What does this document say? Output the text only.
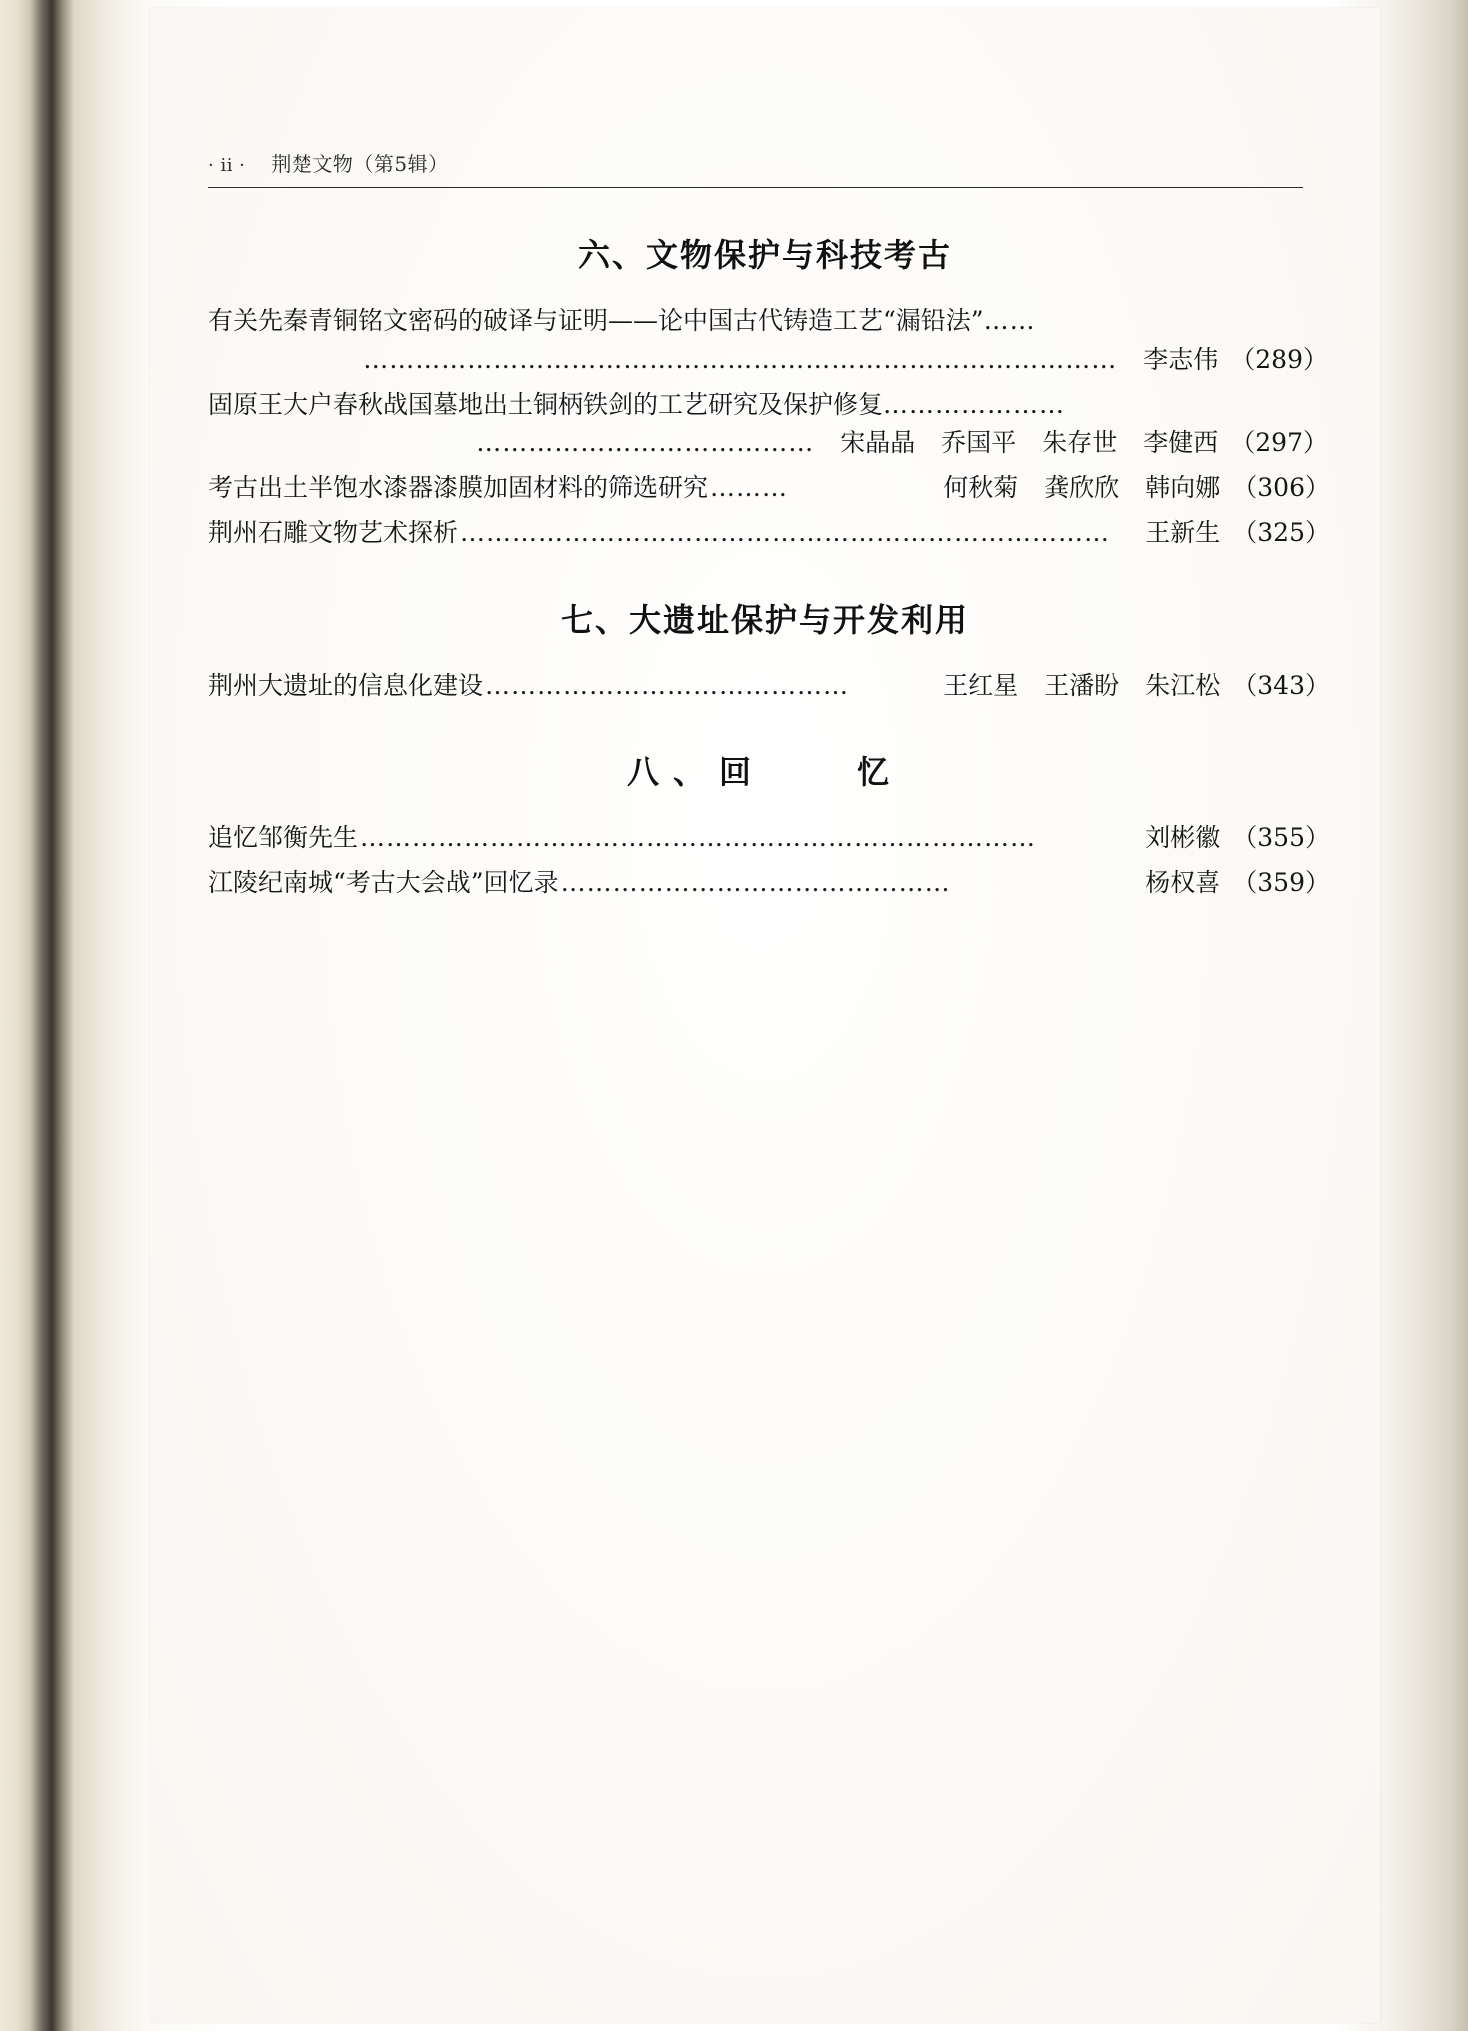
· ii · 荆楚文物（第5辑）
六、文物保护与科技考古
有关先秦青铜铭文密码的破译与证明——论中国古代铸造工艺“漏铅法”……
…………………………………………………………………………… 李志伟 （289）
固原王大户春秋战国墓地出土铜柄铁剑的工艺研究及保护修复…………………
………………………………… 宋晶晶 乔国平 朱存世 李健西 （297）
考古出土半饱水漆器漆膜加固材料的筛选研究 ………	何秋菊 龚欣欣 韩向娜 （306）
荆州石雕文物艺术探析 …………………………………………………………………	王新生 （325）
七、大遗址保护与开发利用
荆州大遗址的信息化建设 ……………………………………	王红星 王潘盼 朱江松 （343）
八、回　　忆
追忆邹衡先生 ……………………………………………………………………	刘彬徽 （355）
江陵纪南城“考古大会战”回忆录 ………………………………………	杨权喜 （359）
